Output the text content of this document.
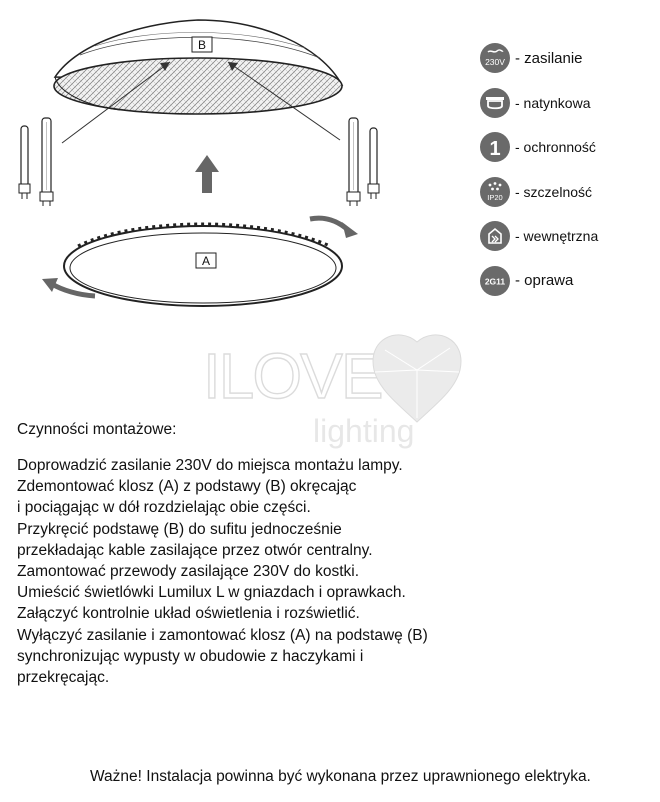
B
A
230V - zasilanie
- natynkowa
1 - ochronność
IP20 - szczelność
- wewnętrzna
2G11 - oprawa
ILOVE
lighting
Czynności montażowe:
Doprowadzić zasilanie 230V do miejsca montażu lampy.
Zdemontować klosz (A) z podstawy (B) okręcając
i pociągając w dół rozdzielając obie części.
Przykręcić podstawę (B) do sufitu jednocześnie
przekładając kable zasilające przez otwór centralny.
Zamontować przewody zasilające 230V do kostki.
Umieścić świetlówki Lumilux L w gniazdach i oprawkach.
Załączyć kontrolnie układ oświetlenia i rozświetlić.
Wyłączyć zasilanie i zamontować klosz (A) na podstawę (B)
synchronizując wypusty w obudowie z haczykami i
przekręcając.
Ważne! Instalacja powinna być wykonana przez uprawnionego elektryka.
